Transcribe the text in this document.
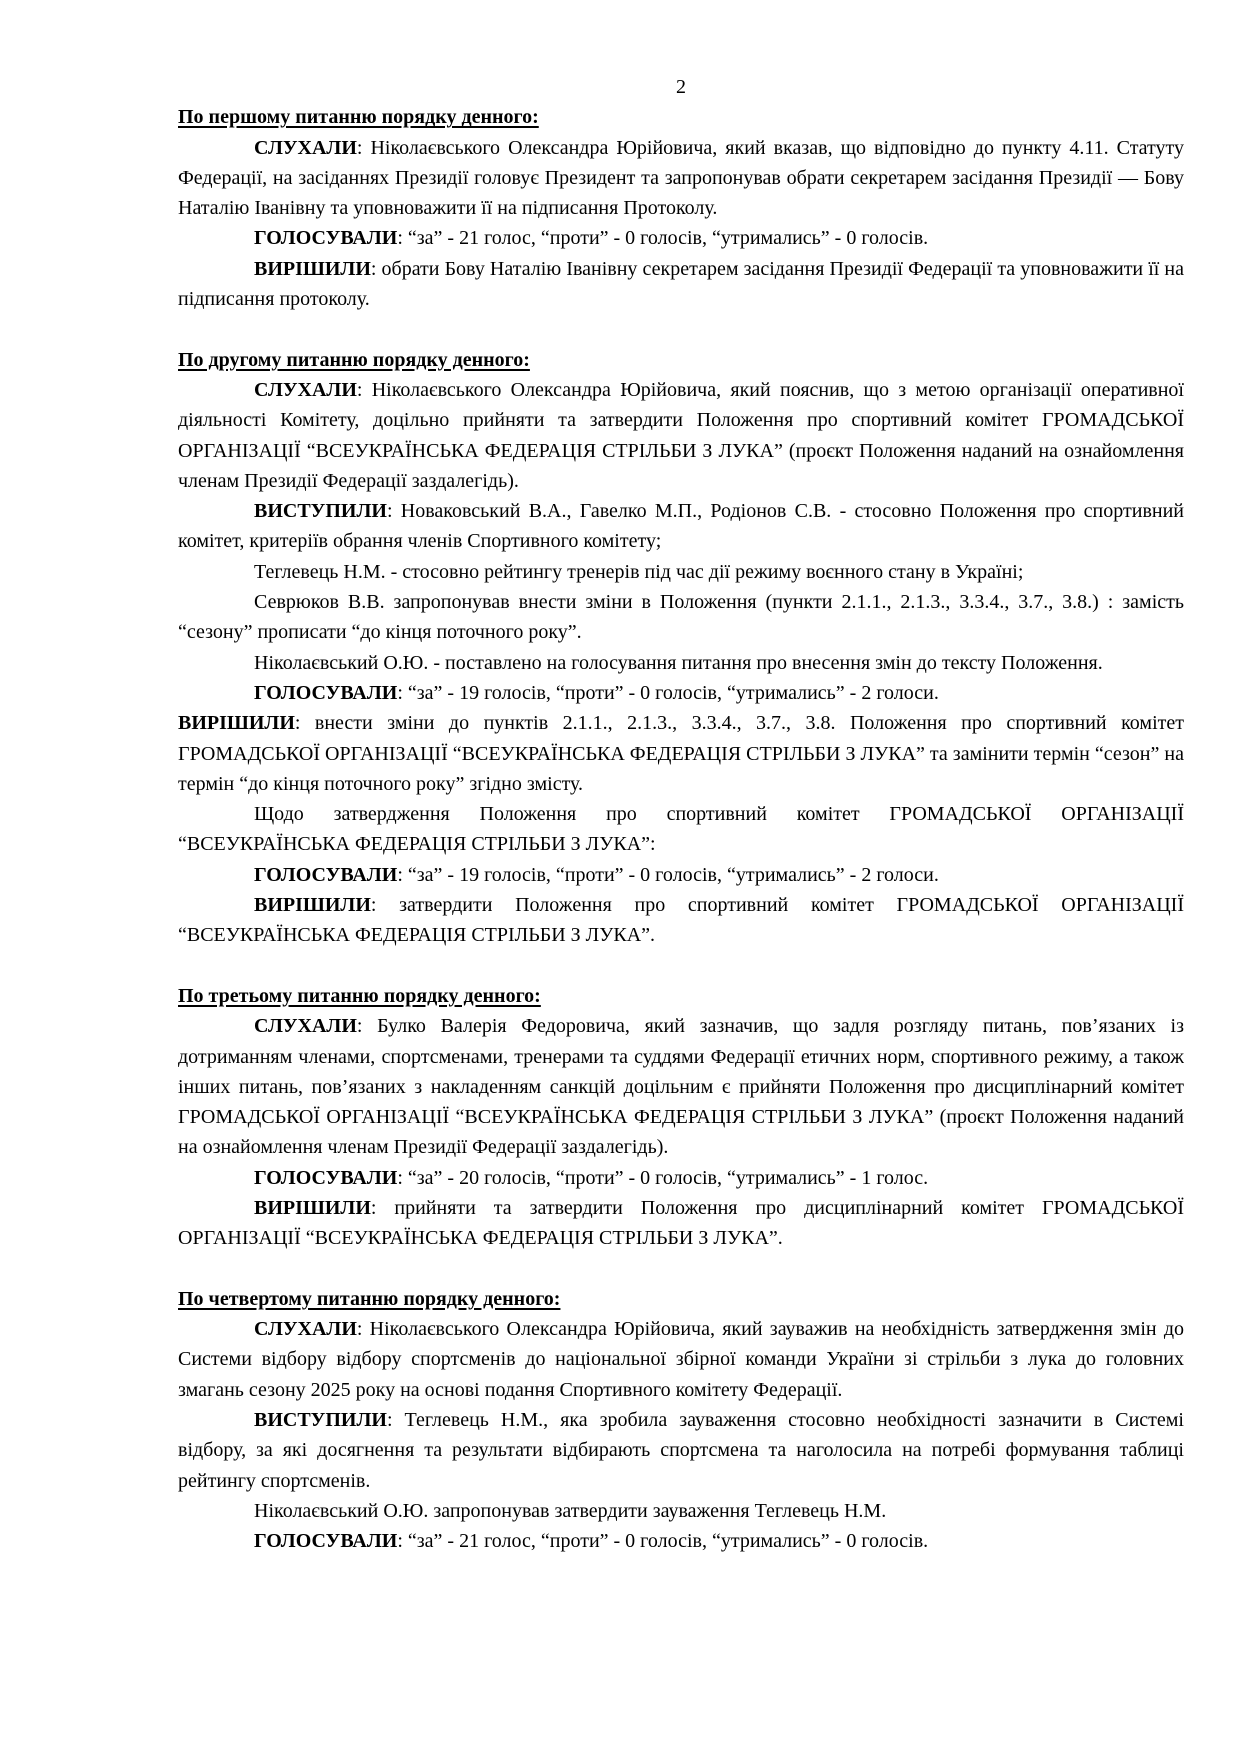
2
По першому питанню порядку денного:
СЛУХАЛИ: Ніколаєвського Олександра Юрійовича, який вказав, що відповідно до пункту 4.11. Статуту Федерації, на засіданнях Президії головує Президент та запропонував обрати секретарем засідання Президії — Бову Наталію Іванівну та уповноважити її на підписання Протоколу.
ГОЛОСУВАЛИ: “за” - 21 голос, “проти” - 0 голосів, “утримались” - 0 голосів.
ВИРІШИЛИ: обрати Бову Наталію Іванівну секретарем засідання Президії Федерації та уповноважити її на підписання протоколу.
По другому питанню порядку денного:
СЛУХАЛИ: Ніколаєвського Олександра Юрійовича, який пояснив, що з метою організації оперативної діяльності Комітету, доцільно прийняти та затвердити Положення про спортивний комітет ГРОМАДСЬКОЇ ОРГАНІЗАЦІЇ “ВСЕУКРАЇНСЬКА ФЕДЕРАЦІЯ СТРІЛЬБИ З ЛУКА” (проєкт Положення наданий на ознайомлення членам Президії Федерації заздалегідь).
ВИСТУПИЛИ: Новаковський В.А., Гавелко М.П., Родіонов С.В. - стосовно Положення про спортивний комітет, критеріїв обрання членів Спортивного комітету;
Теглевець Н.М. - стосовно рейтингу тренерів під час дії режиму воєнного стану в Україні;
Севрюков В.В. запропонував внести зміни в Положення (пункти 2.1.1., 2.1.3., 3.3.4., 3.7., 3.8.) : замість “сезону” прописати “до кінця поточного року”.
Ніколаєвський О.Ю. - поставлено на голосування питання про внесення змін до тексту Положення.
ГОЛОСУВАЛИ: “за” - 19 голосів, “проти” - 0 голосів, “утримались” - 2 голоси.
ВИРІШИЛИ: внести зміни до пунктів 2.1.1., 2.1.3., 3.3.4., 3.7., 3.8. Положення про спортивний комітет ГРОМАДСЬКОЇ ОРГАНІЗАЦІЇ “ВСЕУКРАЇНСЬКА ФЕДЕРАЦІЯ СТРІЛЬБИ З ЛУКА” та замінити термін “сезон” на термін “до кінця поточного року” згідно змісту.
Щодо затвердження Положення про спортивний комітет ГРОМАДСЬКОЇ ОРГАНІЗАЦІЇ “ВСЕУКРАЇНСЬКА ФЕДЕРАЦІЯ СТРІЛЬБИ З ЛУКА”:
ГОЛОСУВАЛИ: “за” - 19 голосів, “проти” - 0 голосів, “утримались” - 2 голоси.
ВИРІШИЛИ: затвердити Положення про спортивний комітет ГРОМАДСЬКОЇ ОРГАНІЗАЦІЇ “ВСЕУКРАЇНСЬКА ФЕДЕРАЦІЯ СТРІЛЬБИ З ЛУКА”.
По третьому питанню порядку денного:
СЛУХАЛИ: Булко Валерія Федоровича, який зазначив, що задля розгляду питань, пов’язаних із дотриманням членами, спортсменами, тренерами та суддями Федерації етичних норм, спортивного режиму, а також інших питань, пов’язаних з накладенням санкцій доцільним є прийняти Положення про дисциплінарний комітет ГРОМАДСЬКОЇ ОРГАНІЗАЦІЇ “ВСЕУКРАЇНСЬКА ФЕДЕРАЦІЯ СТРІЛЬБИ З ЛУКА” (проєкт Положення наданий на ознайомлення членам Президії Федерації заздалегідь).
ГОЛОСУВАЛИ: “за” - 20 голосів, “проти” - 0 голосів, “утримались” - 1 голос.
ВИРІШИЛИ: прийняти та затвердити Положення про дисциплінарний комітет ГРОМАДСЬКОЇ ОРГАНІЗАЦІЇ “ВСЕУКРАЇНСЬКА ФЕДЕРАЦІЯ СТРІЛЬБИ З ЛУКА”.
По четвертому питанню порядку денного:
СЛУХАЛИ: Ніколаєвського Олександра Юрійовича, який зауважив на необхідність затвердження змін до Системи відбору відбору спортсменів до національної збірної команди України зі стрільби з лука до головних змагань сезону 2025 року на основі подання Спортивного комітету Федерації.
ВИСТУПИЛИ: Теглевець Н.М., яка зробила зауваження стосовно необхідності зазначити в Системі відбору, за які досягнення та результати відбирають спортсмена та наголосила на потребі формування таблиці рейтингу спортсменів.
Ніколаєвський О.Ю. запропонував затвердити зауваження Теглевець Н.М.
ГОЛОСУВАЛИ: “за” - 21 голос, “проти” - 0 голосів, “утримались” - 0 голосів.
